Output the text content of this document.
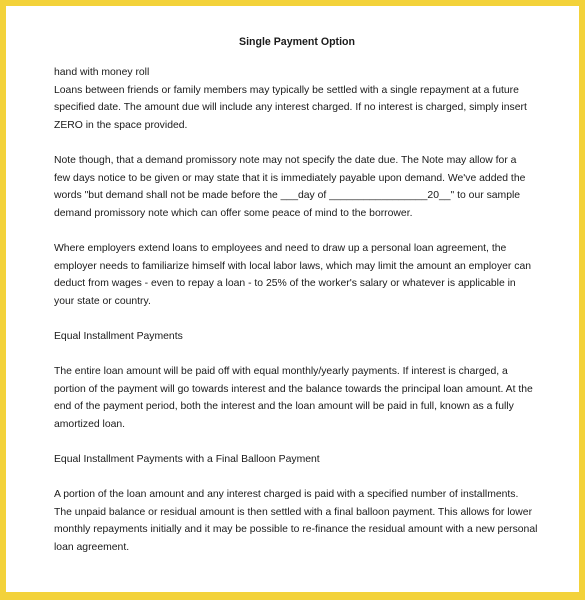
Single Payment Option

hand with money roll
Loans between friends or family members may typically be settled with a single repayment at a future
specified date. The amount due will include any interest charged. If no interest is charged, simply insert
ZERO in the space provided.

Note though, that a demand promissory note may not specify the date due. The Note may allow for a
few days notice to be given or may state that it is immediately payable upon demand. We've added the
words "but demand shall not be made before the ___day of _________________20__" to our sample
demand promissory note which can offer some peace of mind to the borrower.

Where employers extend loans to employees and need to draw up a personal loan agreement, the
employer needs to familiarize himself with local labor laws, which may limit the amount an employer can
deduct from wages - even to repay a loan - to 25% of the worker's salary or whatever is applicable in
your state or country.

Equal Installment Payments

The entire loan amount will be paid off with equal monthly/yearly payments. If interest is charged, a
portion of the payment will go towards interest and the balance towards the principal loan amount. At the
end of the payment period, both the interest and the loan amount will be paid in full, known as a fully
amortized loan.

Equal Installment Payments with a Final Balloon Payment

A portion of the loan amount and any interest charged is paid with a specified number of installments.
The unpaid balance or residual amount is then settled with a final balloon payment. This allows for lower
monthly repayments initially and it may be possible to re-finance the residual amount with a new personal
loan agreement.
